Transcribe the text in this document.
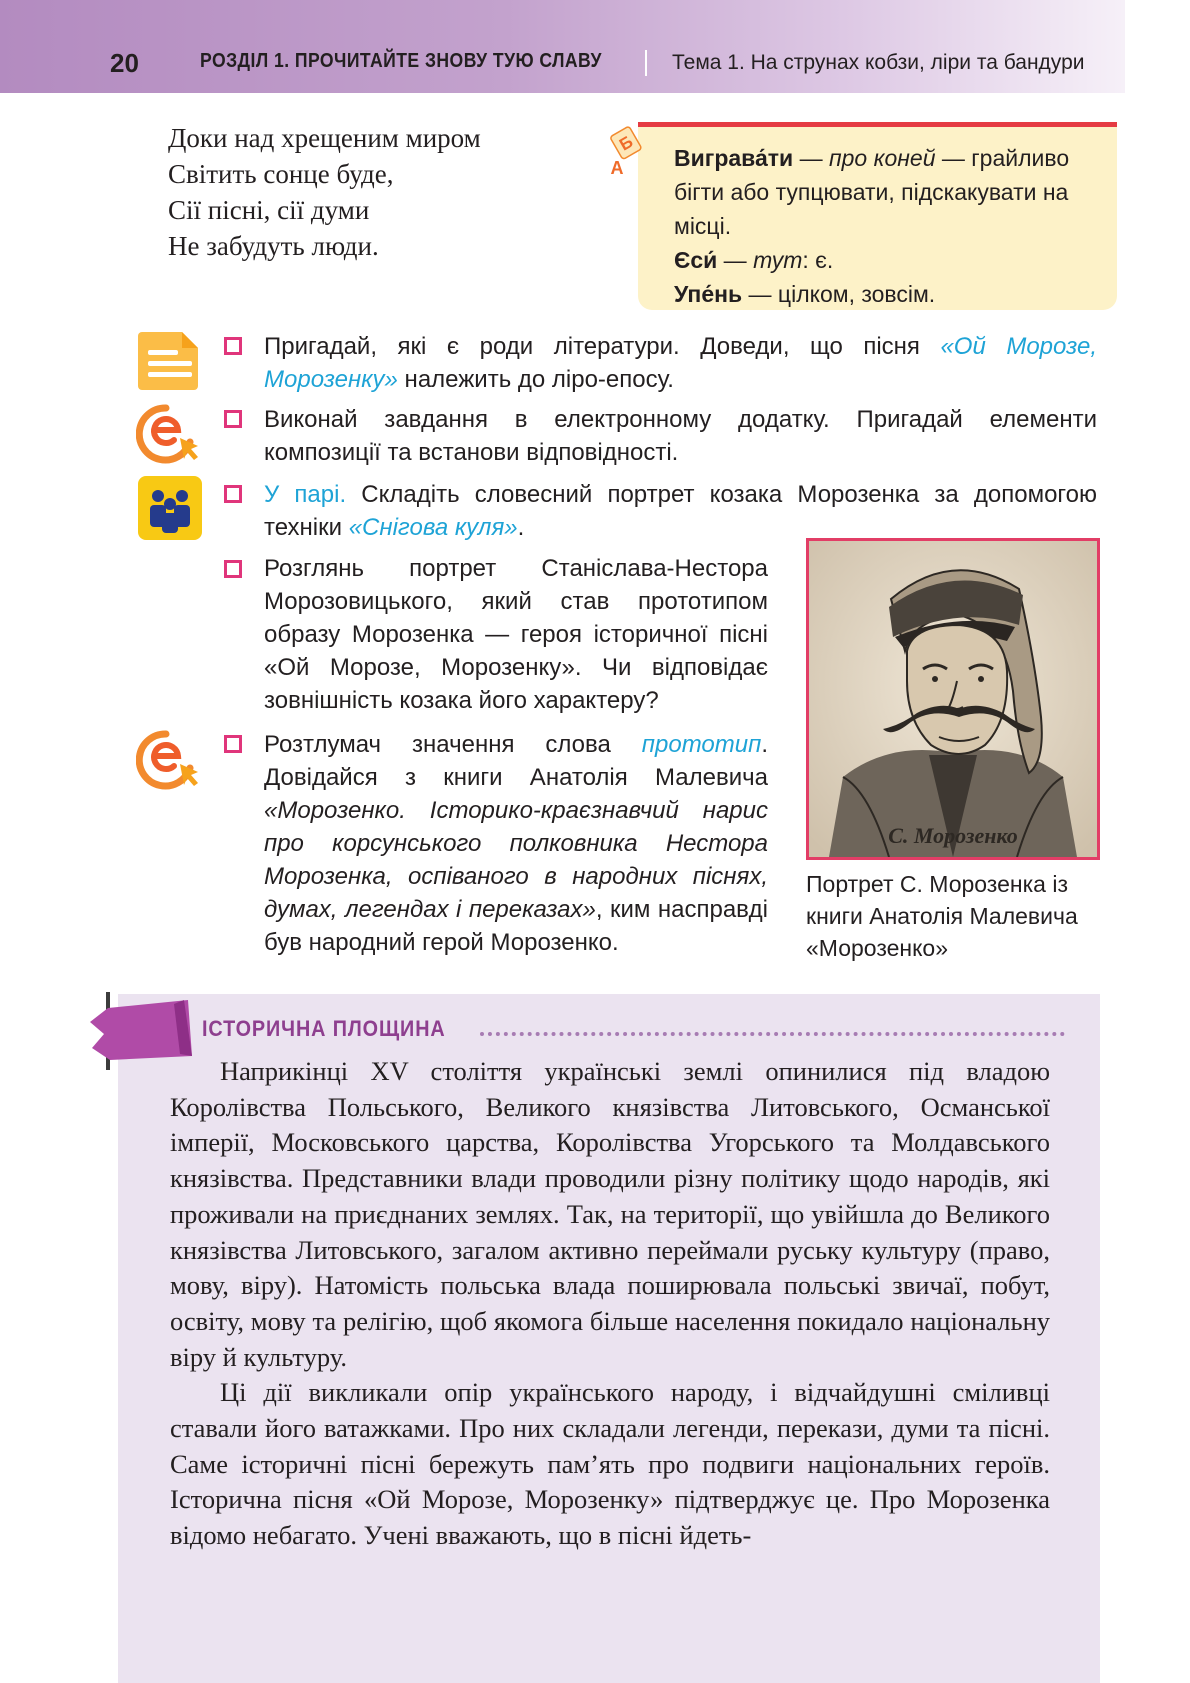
20	РОЗДІЛ 1. ПРОЧИТАЙТЕ ЗНОВУ ТУЮ СЛАВУ	Тема 1. На струнах кобзи, ліри та бандури
Доки над хрещеним миром
Світить сонце буде,
Сії пісні, сії думи
Не забудуть люди.

Виграва́ти — про коней — грайливо бігти або тупцювати, підскакувати на місці.

Єси́ — тут: є.

Упе́нь — цілком, зовсім.

Б
А
Пригадай, які є роди літератури. Доведи, що пісня «Ой Морозе, Морозенку» належить до ліро-епосу.
Виконай завдання в електронному додатку. Пригадай елементи композиції та встанови відповідності.
У парі. Складіть словесний портрет козака Морозенка за допомогою техніки «Снігова куля».
Розглянь портрет Станіслава-Нестора Морозовицького, який став прототипом образу Морозенка — героя історичної пісні «Ой Морозе, Морозенку». Чи відповідає зовнішність козака його характеру?
Розтлумач значення слова прототип. Довідайся з книги Анатолія Малевича «Морозенко. Історико-краєзнавчий нарис про корсунського полковника Нестора Морозенка, оспіваного в народних піснях, думах, легендах і переказах», ким насправді був народний герой Морозенко.
С. Морозенко
Портрет С. Морозенка із книги Анатолія Малевича «Морозенко»
ІСТОРИЧНА ПЛОЩИНА

Наприкінці XV століття українські землі опинилися під владою Королівства Польського, Великого князівства Литовського, Османської імперії, Московського царства, Королівства Угорського та Молдавського князівства. Представники влади проводили різну політику щодо народів, які проживали на приєднаних землях. Так, на території, що увійшла до Великого князівства Литовського, загалом активно переймали руську культуру (право, мову, віру). Натомість польська влада поширювала польські звичаї, побут, освіту, мову та релігію, щоб якомога більше населення покидало національну віру й культуру.

Ці дії викликали опір українського народу, і відчайдушні сміливці ставали його ватажками. Про них складали легенди, перекази, думи та пісні. Саме історичні пісні бережуть пам’ять про подвиги національних героїв. Історична пісня «Ой Морозе, Морозенку» підтверджує це. Про Морозенка відомо небагато. Учені вважають, що в пісні йдеть-
